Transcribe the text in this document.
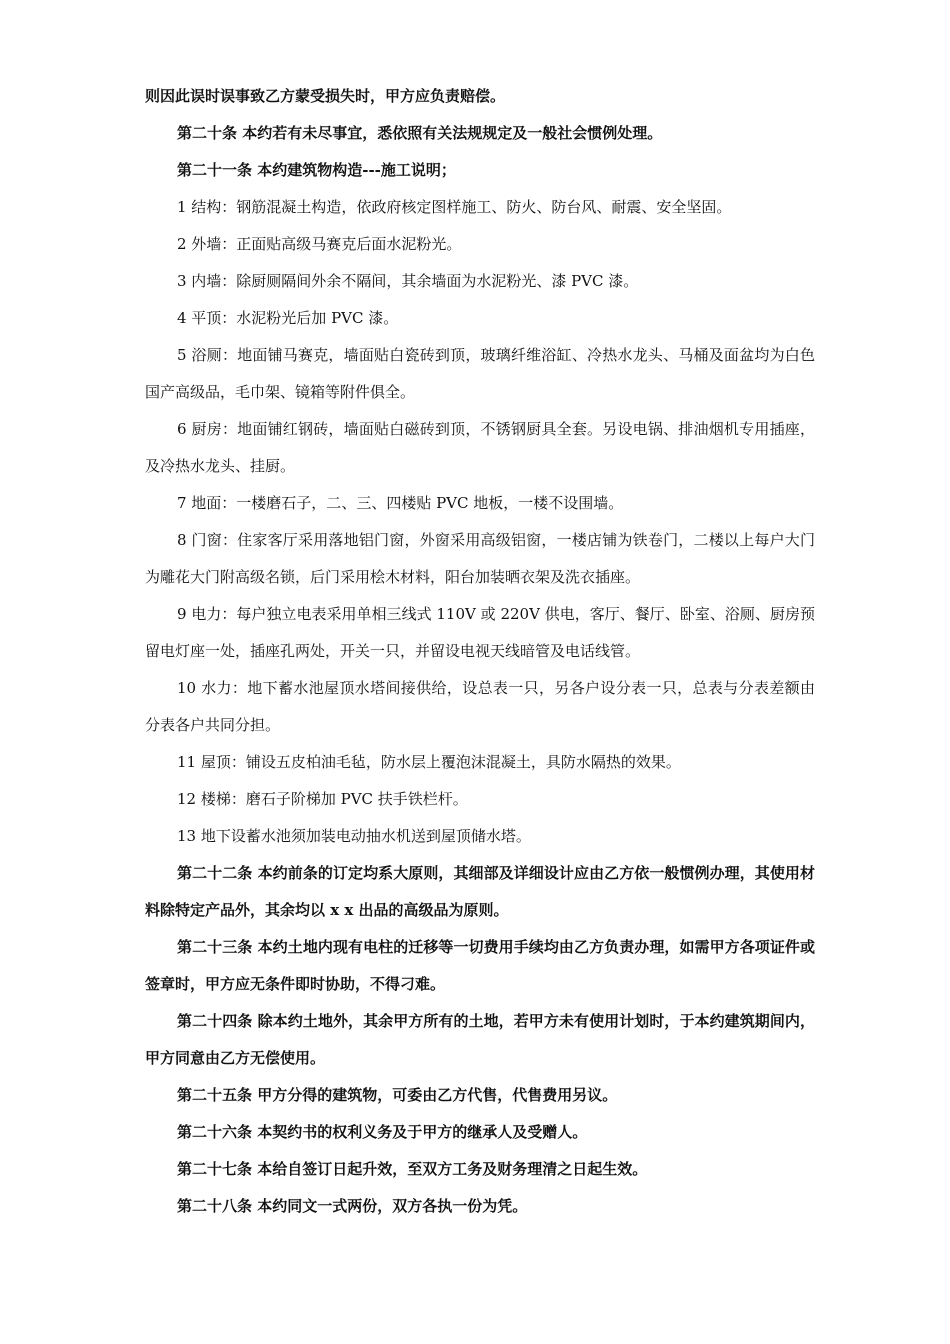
则因此误时误事致乙方蒙受损失时，甲方应负责赔偿。

第二十条 本约若有未尽事宜，悉依照有关法规规定及一般社会惯例处理。

第二十一条 本约建筑物构造---施工说明；

1 结构：钢筋混凝土构造，依政府核定图样施工、防火、防台风、耐震、安全坚固。

2 外墙：正面贴高级马赛克后面水泥粉光。

3 内墙：除厨厕隔间外余不隔间，其余墙面为水泥粉光、漆 PVC 漆。

4 平顶：水泥粉光后加 PVC 漆。

5 浴厕：地面铺马赛克，墙面贴白瓷砖到顶，玻璃纤维浴缸、冷热水龙头、马桶及面盆均为白色国产高级品，毛巾架、镜箱等附件俱全。

6 厨房：地面铺红钢砖，墙面贴白磁砖到顶，不锈钢厨具全套。另设电锅、排油烟机专用插座，及冷热水龙头、挂厨。

7 地面：一楼磨石子，二、三、四楼贴 PVC 地板，一楼不设围墙。

8 门窗：住家客厅采用落地铝门窗，外窗采用高级铝窗，一楼店铺为铁卷门，二楼以上每户大门为雕花大门附高级名锁，后门采用桧木材料，阳台加装晒衣架及洗衣插座。

9 电力：每户独立电表采用单相三线式 110V 或 220V 供电，客厅、餐厅、卧室、浴厕、厨房预留电灯座一处，插座孔两处，开关一只，并留设电视天线暗管及电话线管。

10 水力：地下蓄水池屋顶水塔间接供给，设总表一只，另各户设分表一只，总表与分表差额由分表各户共同分担。

11 屋顶：铺设五皮柏油毛毡，防水层上覆泡沫混凝土，具防水隔热的效果。

12 楼梯：磨石子阶梯加 PVC 扶手铁栏杆。

13 地下设蓄水池须加装电动抽水机送到屋顶储水塔。

第二十二条 本约前条的订定均系大原则，其细部及详细设计应由乙方依一般惯例办理，其使用材料除特定产品外，其余均以 x x 出品的高级品为原则。

第二十三条 本约土地内现有电柱的迁移等一切费用手续均由乙方负责办理，如需甲方各项证件或签章时，甲方应无条件即时协助，不得刁难。

第二十四条 除本约土地外，其余甲方所有的土地，若甲方未有使用计划时，于本约建筑期间内，甲方同意由乙方无偿使用。

第二十五条 甲方分得的建筑物，可委由乙方代售，代售费用另议。

第二十六条 本契约书的权利义务及于甲方的继承人及受赠人。

第二十七条 本给自签订日起升效，至双方工务及财务理清之日起生效。

第二十八条 本约同文一式两份，双方各执一份为凭。
